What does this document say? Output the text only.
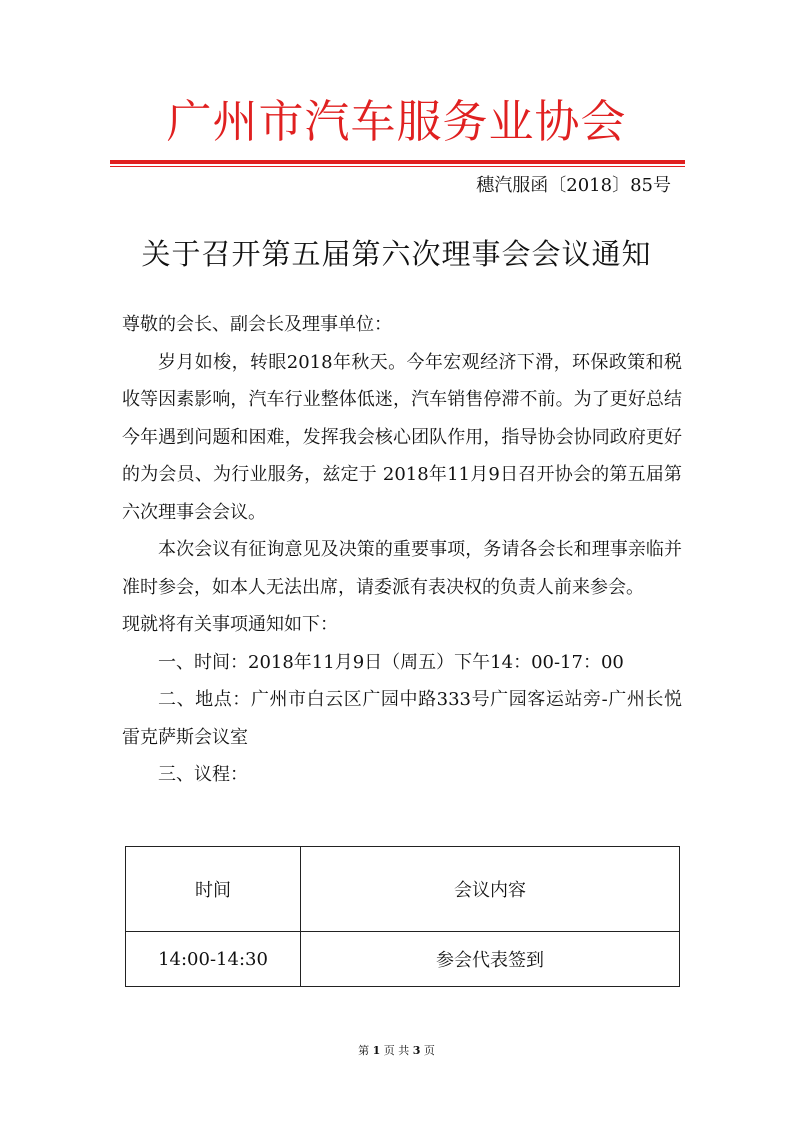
广州市汽车服务业协会
穗汽服函〔2018〕85号
关于召开第五届第六次理事会会议通知

尊敬的会长、副会长及理事单位：

岁月如梭，转眼2018年秋天。今年宏观经济下滑，环保政策和税收等因素影响，汽车行业整体低迷，汽车销售停滞不前。为了更好总结今年遇到问题和困难，发挥我会核心团队作用，指导协会协同政府更好的为会员、为行业服务，兹定于 2018年11月9日召开协会的第五届第六次理事会会议。

本次会议有征询意见及决策的重要事项，务请各会长和理事亲临并准时参会，如本人无法出席，请委派有表决权的负责人前来参会。

现就将有关事项通知如下：

一、时间：2018年11月9日（周五）下午14：00-17：00

二、地点：广州市白云区广园中路333号广园客运站旁-广州长悦雷克萨斯会议室

三、议程：

时间	会议内容
14:00-14:30	参会代表签到
第 1 页 共 3 页
